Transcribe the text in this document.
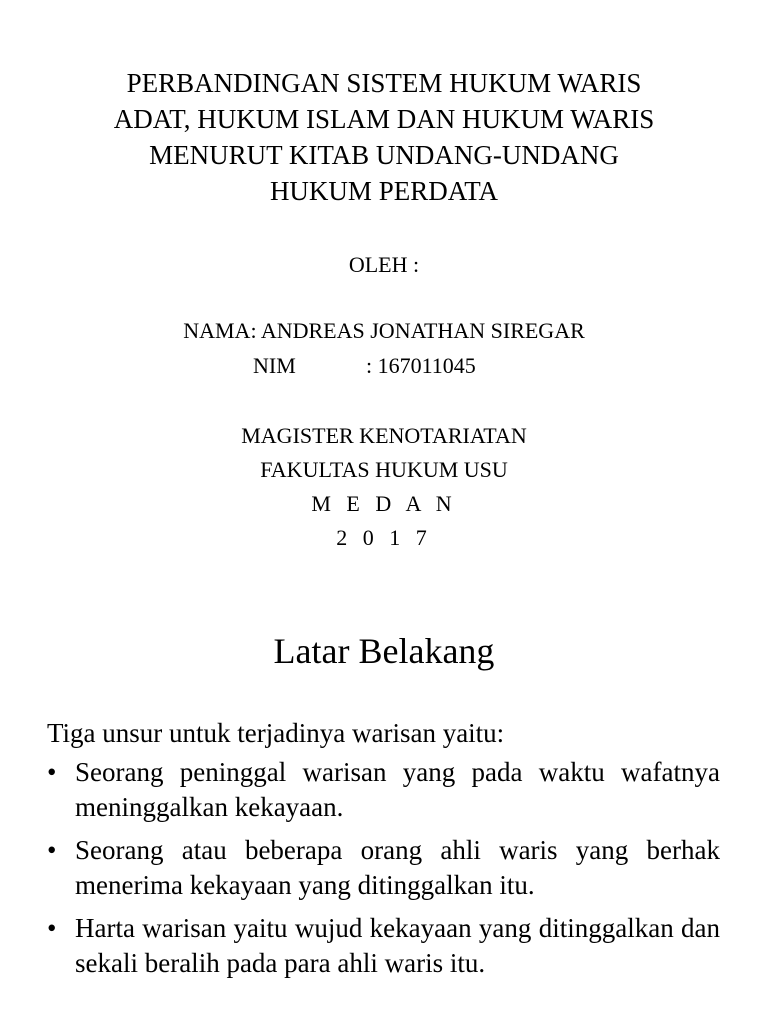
PERBANDINGAN SISTEM HUKUM WARIS
ADAT, HUKUM ISLAM DAN HUKUM WARIS
MENURUT KITAB UNDANG-UNDANG
HUKUM PERDATA
OLEH :
NAMA: ANDREAS JONATHAN SIREGAR
NIM	: 167011045
MAGISTER KENOTARIATAN
FAKULTAS HUKUM USU
M E D A N
2 0 1 7
Latar Belakang

Tiga unsur untuk terjadinya warisan yaitu:

• Seorang peninggal warisan yang pada waktu wafatnya meninggalkan kekayaan.
• Seorang atau beberapa orang ahli waris yang berhak menerima kekayaan yang ditinggalkan itu.
• Harta warisan yaitu wujud kekayaan yang ditinggalkan dan sekali beralih pada para ahli waris itu.
